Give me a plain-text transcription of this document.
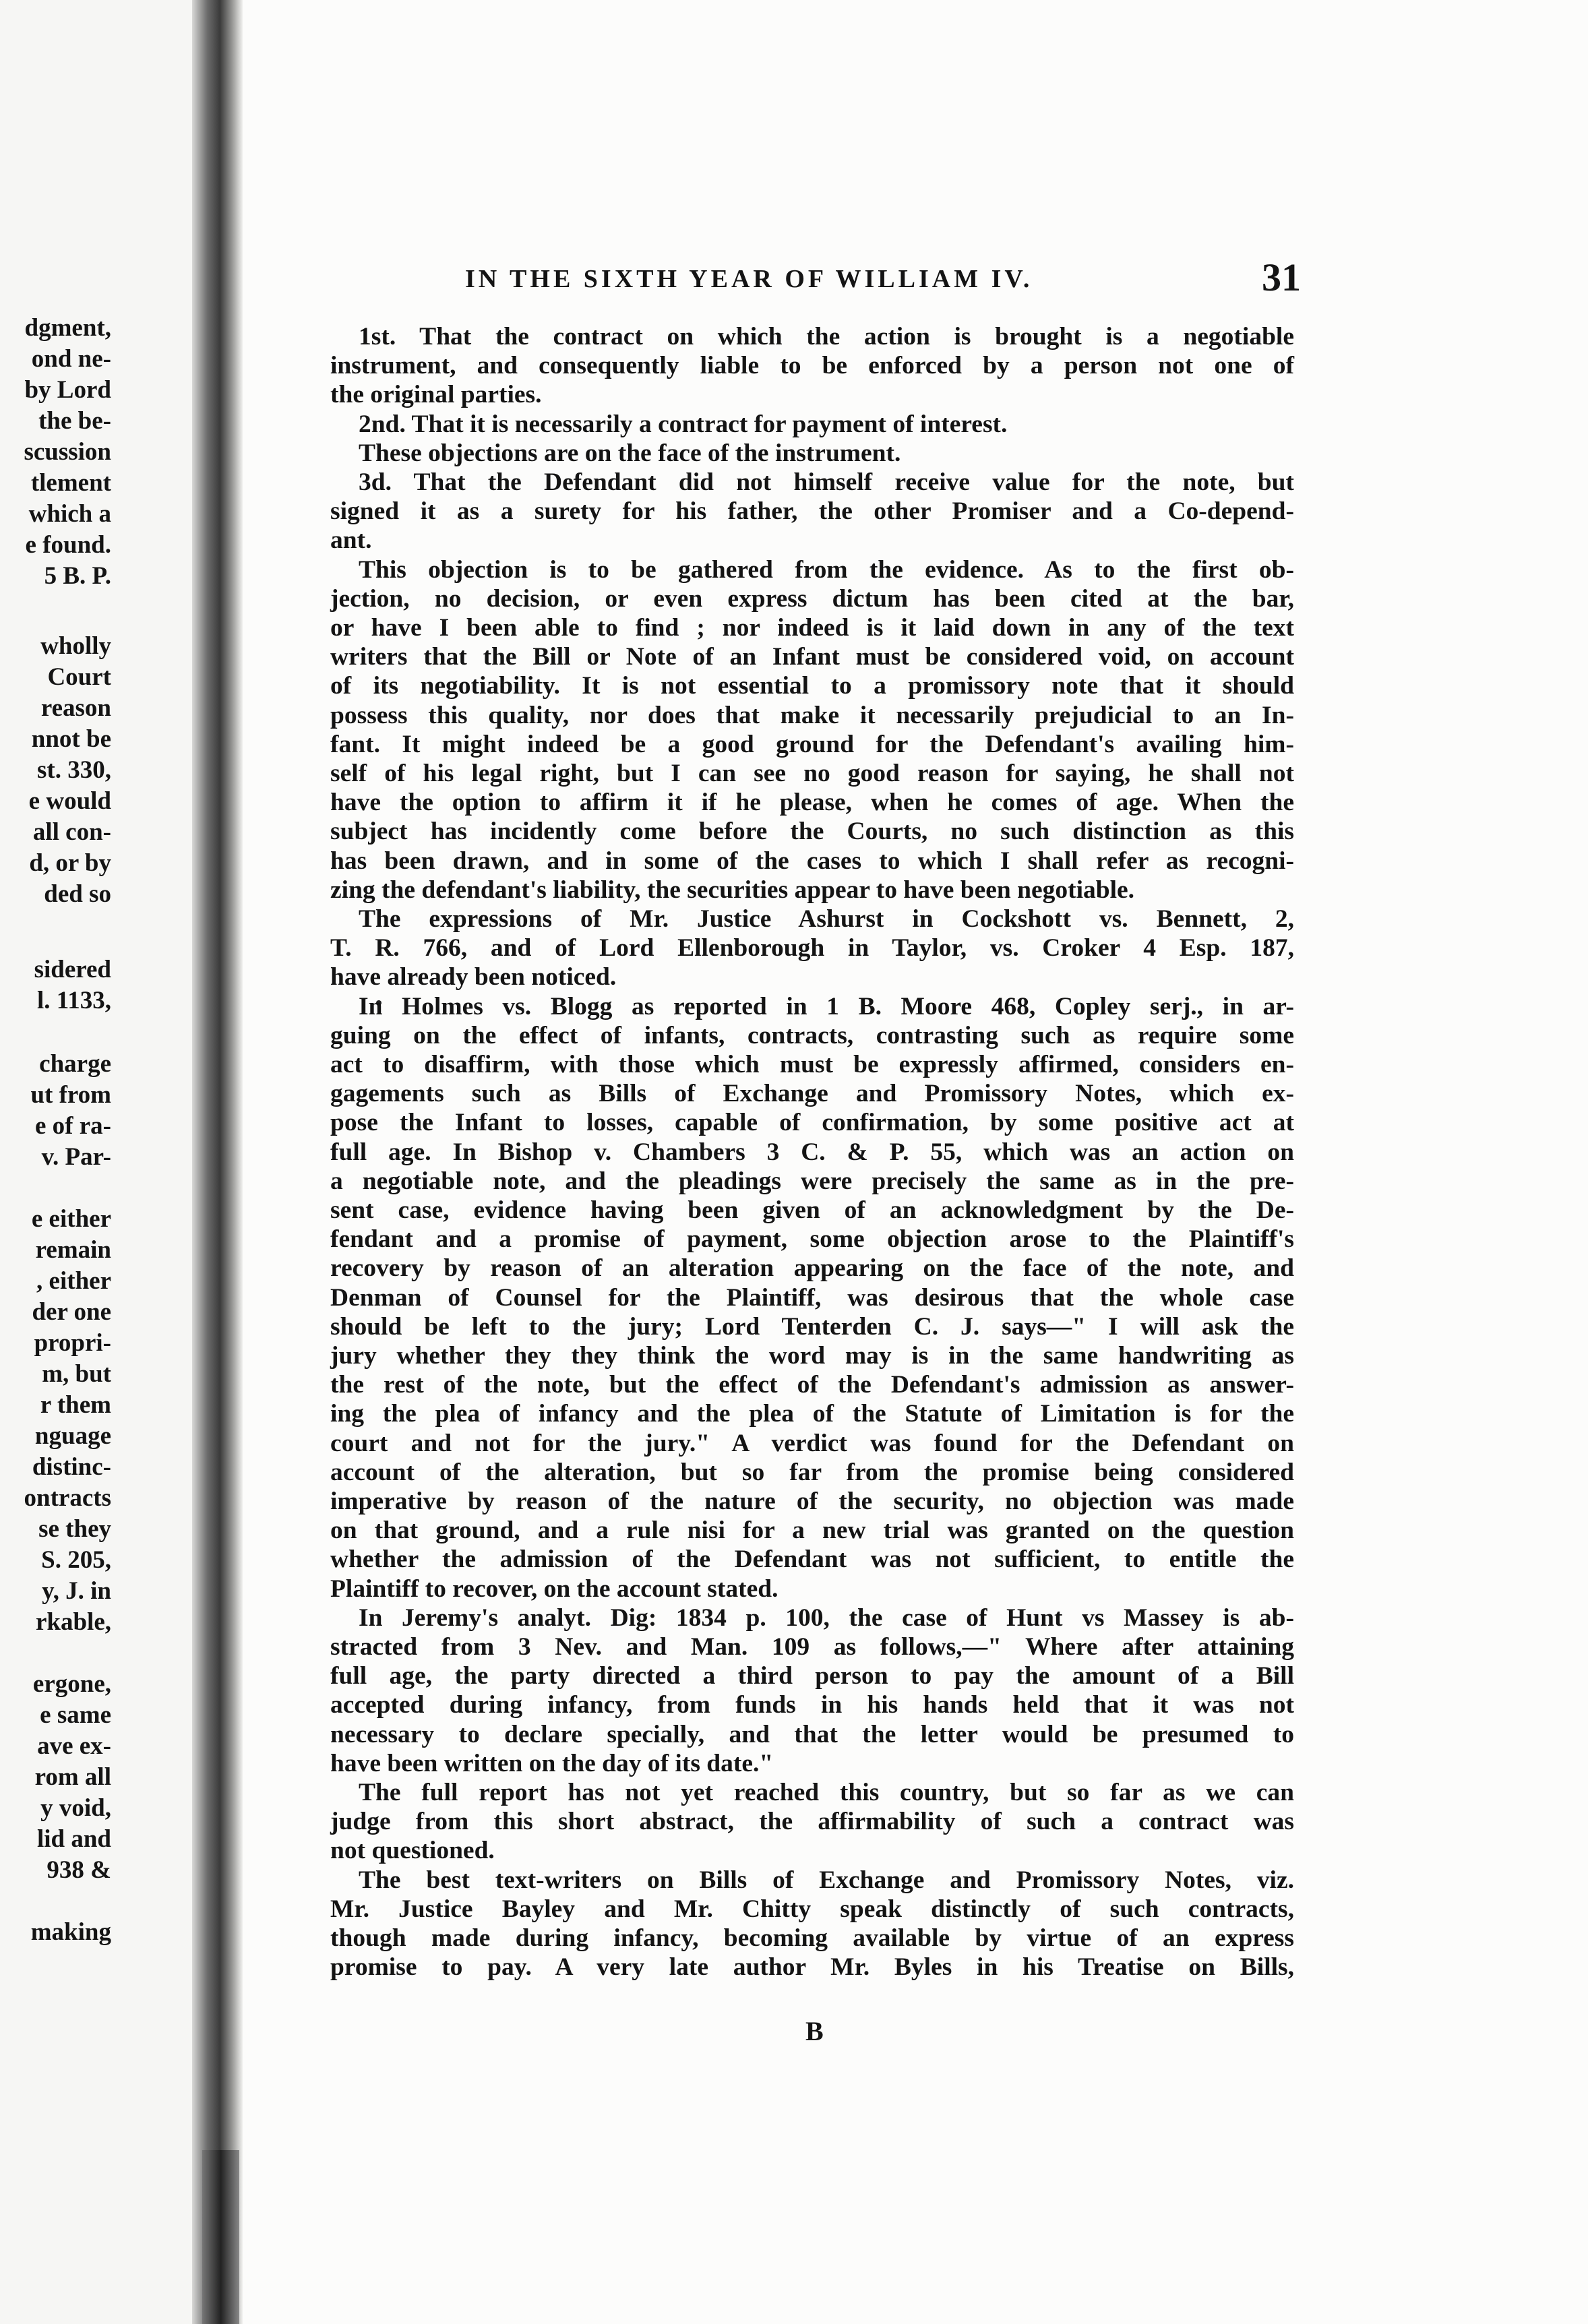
dgment,
ond ne-
by Lord
the be-
scussion
tlement
which a
e found.
5 B. P.
wholly
Court
reason
nnot be
st. 330,
e would
all con-
d, or by
ded so
sidered
l. 1133,
charge
ut from
e of ra-
v. Par-
e either
remain
, either
der one
propri-
m, but
r them
nguage
distinc-
ontracts
se they
S. 205,
y, J. in
rkable,
ergone,
e same
ave ex-
rom all
y void,
lid and
938 &
making
IN THE SIXTH YEAR OF WILLIAM IV.	31
1st. That the contract on which the action is brought is a negotiable
instrument, and consequently liable to be enforced by a person not one of
the original parties.
2nd. That it is necessarily a contract for payment of interest.
These objections are on the face of the instrument.
3d. That the Defendant did not himself receive value for the note, but
signed it as a surety for his father, the other Promiser and a Co-depend-
ant.
This objection is to be gathered from the evidence. As to the first ob-
jection, no decision, or even express dictum has been cited at the bar,
or have I been able to find ; nor indeed is it laid down in any of the text
writers that the Bill or Note of an Infant must be considered void, on account
of its negotiability. It is not essential to a promissory note that it should
possess this quality, nor does that make it necessarily prejudicial to an In-
fant. It might indeed be a good ground for the Defendant's availing him-
self of his legal right, but I can see no good reason for saying, he shall not
have the option to affirm it if he please, when he comes of age. When the
subject has incidently come before the Courts, no such distinction as this
has been drawn, and in some of the cases to which I shall refer as recogni-
zing the defendant's liability, the securities appear to have been negotiable.
The expressions of Mr. Justice Ashurst in Cockshott vs. Bennett, 2,
T. R. 766, and of Lord Ellenborough in Taylor, vs. Croker 4 Esp. 187,
have already been noticed.
In Holmes vs. Blogg as reported in 1 B. Moore 468, Copley serj., in ar-
guing on the effect of infants, contracts, contrasting such as require some
act to disaffirm, with those which must be expressly affirmed, considers en-
gagements such as Bills of Exchange and Promissory Notes, which ex-
pose the Infant to losses, capable of confirmation, by some positive act at
full age. In Bishop v. Chambers 3 C. & P. 55, which was an action on
a negotiable note, and the pleadings were precisely the same as in the pre-
sent case, evidence having been given of an acknowledgment by the De-
fendant and a promise of payment, some objection arose to the Plaintiff's
recovery by reason of an alteration appearing on the face of the note, and
Denman of Counsel for the Plaintiff, was desirous that the whole case
should be left to the jury; Lord Tenterden C. J. says—" I will ask the
jury whether they they think the word may is in the same handwriting as
the rest of the note, but the effect of the Defendant's admission as answer-
ing the plea of infancy and the plea of the Statute of Limitation is for the
court and not for the jury." A verdict was found for the Defendant on
account of the alteration, but so far from the promise being considered
imperative by reason of the nature of the security, no objection was made
on that ground, and a rule nisi for a new trial was granted on the question
whether the admission of the Defendant was not sufficient, to entitle the
Plaintiff to recover, on the account stated.
In Jeremy's analyt. Dig: 1834 p. 100, the case of Hunt vs Massey is ab-
stracted from 3 Nev. and Man. 109 as follows,—" Where after attaining
full age, the party directed a third person to pay the amount of a Bill
accepted during infancy, from funds in his hands held that it was not
necessary to declare specially, and that the letter would be presumed to
have been written on the day of its date."
The full report has not yet reached this country, but so far as we can
judge from this short abstract, the affirmability of such a contract was
not questioned.
The best text-writers on Bills of Exchange and Promissory Notes, viz.
Mr. Justice Bayley and Mr. Chitty speak distinctly of such contracts,
though made during infancy, becoming available by virtue of an express
promise to pay. A very late author Mr. Byles in his Treatise on Bills,
B
